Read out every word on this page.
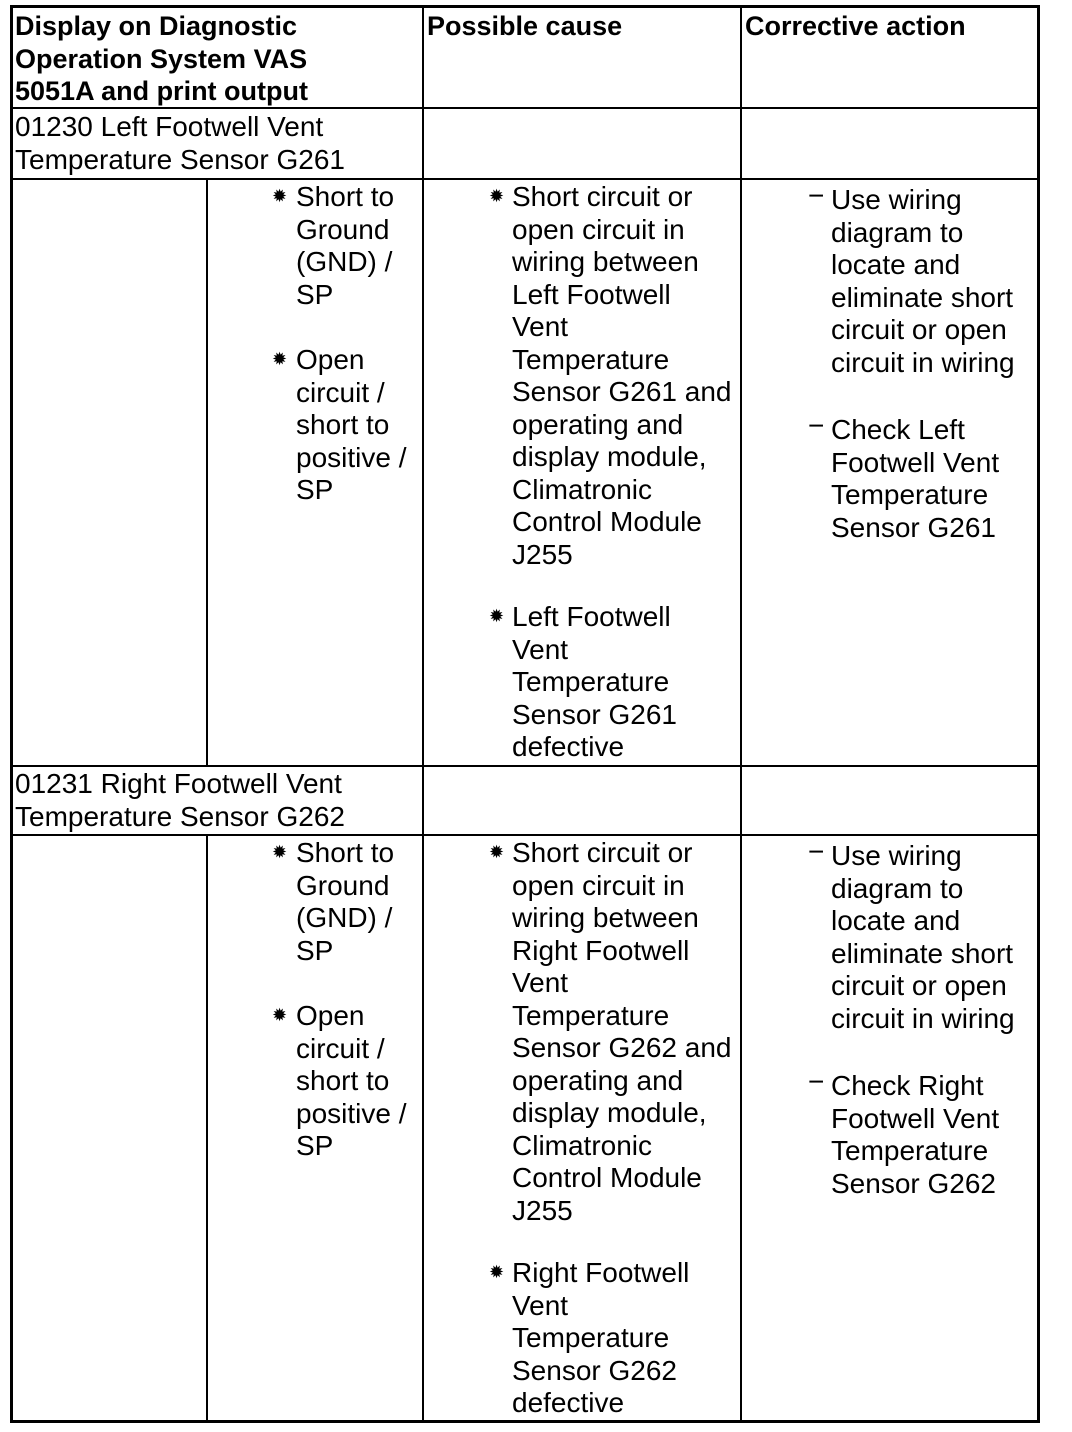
Display on Diagnostic
Operation System VAS
5051A and print output
Possible cause	Corrective action
01230 Left Footwell Vent
Temperature Sensor G261
✹ Short to
Ground
(GND) /
SP
✹ Open
circuit /
short to
positive /
SP
✹ Short circuit or
open circuit in
wiring between
Left Footwell
Vent
Temperature
Sensor G261 and
operating and
display module,
Climatronic
Control Module
J255
✹ Left Footwell
Vent
Temperature
Sensor G261
defective
− Use wiring
diagram to
locate and
eliminate short
circuit or open
circuit in wiring
− Check Left
Footwell Vent
Temperature
Sensor G261
01231 Right Footwell Vent
Temperature Sensor G262
✹ Short to
Ground
(GND) /
SP
✹ Open
circuit /
short to
positive /
SP
✹ Short circuit or
open circuit in
wiring between
Right Footwell
Vent
Temperature
Sensor G262 and
operating and
display module,
Climatronic
Control Module
J255
✹ Right Footwell
Vent
Temperature
Sensor G262
defective
− Use wiring
diagram to
locate and
eliminate short
circuit or open
circuit in wiring
− Check Right
Footwell Vent
Temperature
Sensor G262
